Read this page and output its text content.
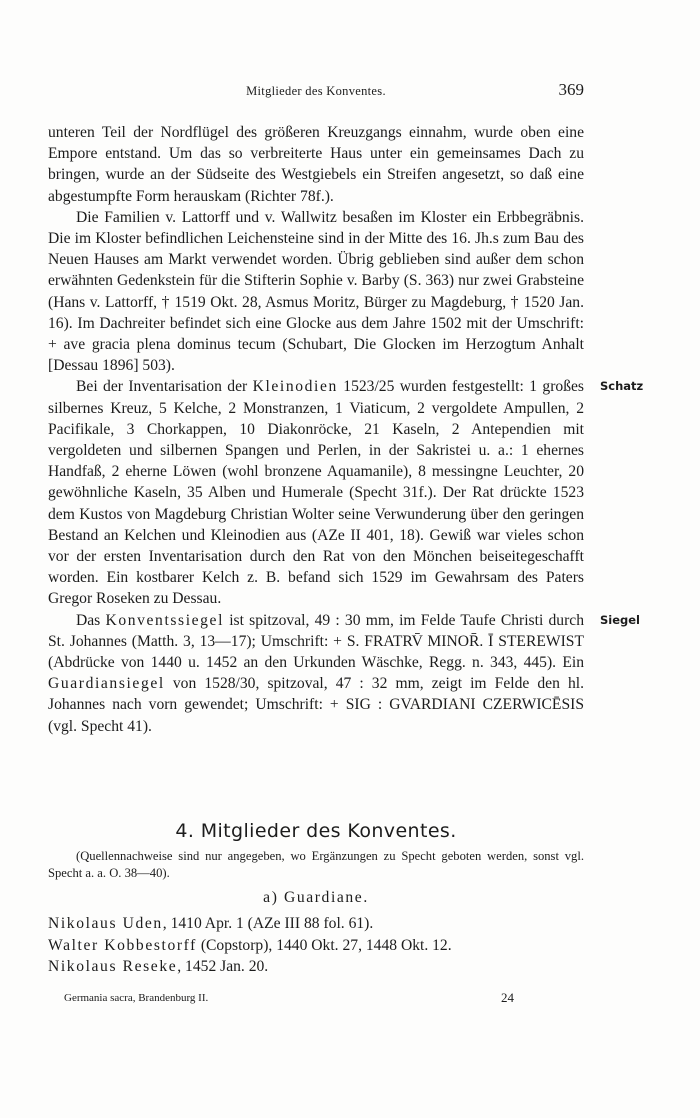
Mitglieder des Konventes.	369

unteren Teil der Nordflügel des größeren Kreuzgangs einnahm, wurde oben eine Empore entstand. Um das so verbreiterte Haus unter ein gemeinsames Dach zu bringen, wurde an der Südseite des Westgiebels ein Streifen angesetzt, so daß eine abgestumpfte Form herauskam (Richter 78f.).

Die Familien v. Lattorff und v. Wallwitz besaßen im Kloster ein Erbbegräbnis. Die im Kloster befindlichen Leichensteine sind in der Mitte des 16. Jh.s zum Bau des Neuen Hauses am Markt verwendet worden. Übrig geblieben sind außer dem schon erwähnten Gedenkstein für die Stifterin Sophie v. Barby (S. 363) nur zwei Grabsteine (Hans v. Lattorff, † 1519 Okt. 28, Asmus Moritz, Bürger zu Magdeburg, † 1520 Jan. 16). Im Dachreiter befindet sich eine Glocke aus dem Jahre 1502 mit der Umschrift: + ave gracia plena dominus tecum (Schubart, Die Glocken im Herzogtum Anhalt [Dessau 1896] 503).

Schatz
Bei der Inventarisation der Kleinodien 1523/25 wurden festgestellt: 1 großes silbernes Kreuz, 5 Kelche, 2 Monstranzen, 1 Viaticum, 2 vergoldete Ampullen, 2 Pacifikale, 3 Chorkappen, 10 Diakonröcke, 21 Kaseln, 2 Antependien mit vergoldeten und silbernen Spangen und Perlen, in der Sakristei u. a.: 1 ehernes Handfaß, 2 eherne Löwen (wohl bronzene Aquamanile), 8 messingne Leuchter, 20 gewöhnliche Kaseln, 35 Alben und Humerale (Specht 31f.). Der Rat drückte 1523 dem Kustos von Magdeburg Christian Wolter seine Verwunderung über den geringen Bestand an Kelchen und Kleinodien aus (AZe II 401, 18). Gewiß war vieles schon vor der ersten Inventarisation durch den Rat von den Mönchen beiseitegeschafft worden. Ein kostbarer Kelch z. B. befand sich 1529 im Gewahrsam des Paters Gregor Roseken zu Dessau.

Siegel
Das Konventssiegel ist spitzoval, 49 : 30 mm, im Felde Taufe Christi durch St. Johannes (Matth. 3, 13—17); Umschrift: + S. FRATRV̄ MINOR̄. Ī STEREWIST (Abdrücke von 1440 u. 1452 an den Urkunden Wäschke, Regg. n. 343, 445). Ein Guardiansiegel von 1528/30, spitzoval, 47 : 32 mm, zeigt im Felde den hl. Johannes nach vorn gewendet; Umschrift: + SIG : GVARDIANI CZERWICĒSIS (vgl. Specht 41).

4. Mitglieder des Konventes.
(Quellennachweise sind nur angegeben, wo Ergänzungen zu Specht geboten werden, sonst vgl. Specht a. a. O. 38—40).
a) Guardiane.

Nikolaus Uden, 1410 Apr. 1 (AZe III 88 fol. 61).

Walter Kobbestorff (Copstorp), 1440 Okt. 27, 1448 Okt. 12.

Nikolaus Reseke, 1452 Jan. 20.

Germania sacra, Brandenburg II.	24
